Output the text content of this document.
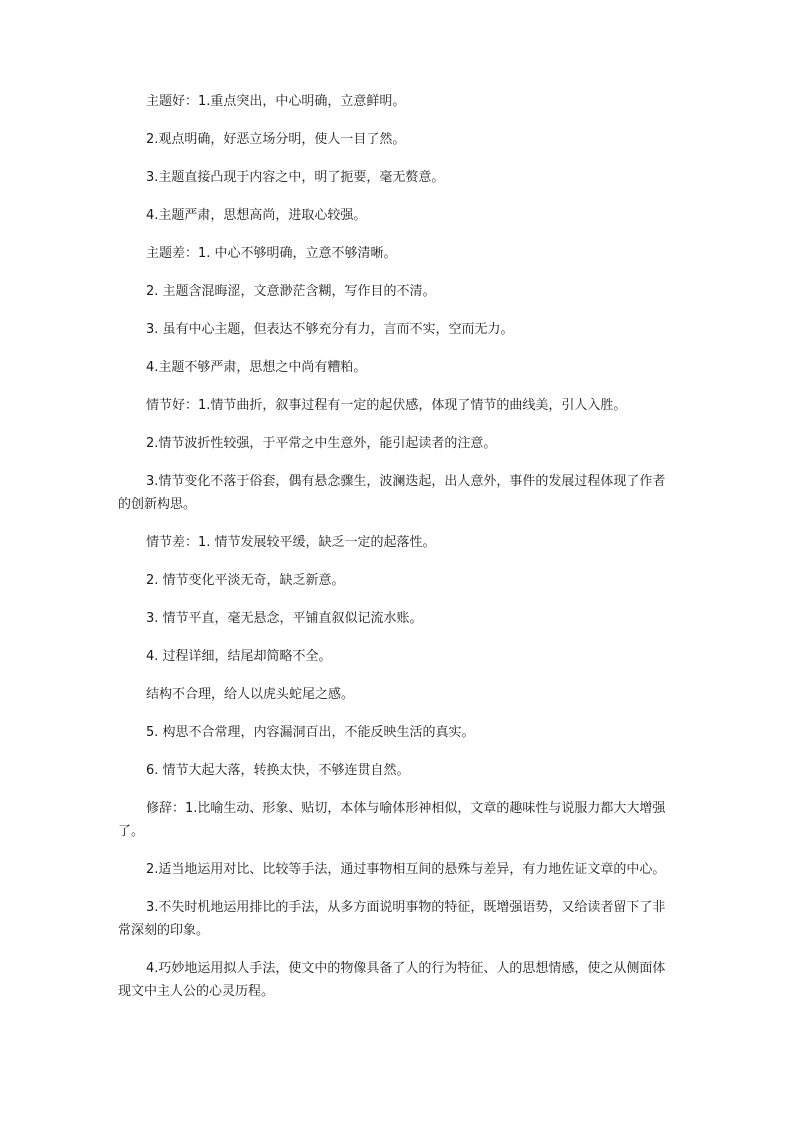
主题好：1.重点突出，中心明确，立意鲜明。

2.观点明确，好恶立场分明，使人一目了然。

3.主题直接凸现于内容之中，明了扼要，毫无赘意。

4.主题严肃，思想高尚，进取心较强。

主题差：1. 中心不够明确，立意不够清晰。

2. 主题含混晦涩，文意渺茫含糊，写作目的不清。

3. 虽有中心主题，但表达不够充分有力，言而不实，空而无力。

4.主题不够严肃，思想之中尚有糟粕。

情节好：1.情节曲折，叙事过程有一定的起伏感，体现了情节的曲线美，引人入胜。

2.情节波折性较强，于平常之中生意外，能引起读者的注意。

3.情节变化不落于俗套，偶有悬念骤生，波澜迭起，出人意外，事件的发展过程体现了作者的创新构思。

情节差：1. 情节发展较平缓，缺乏一定的起落性。

2. 情节变化平淡无奇，缺乏新意。

3. 情节平直，毫无悬念，平铺直叙似记流水账。

4. 过程详细，结尾却简略不全。

结构不合理，给人以虎头蛇尾之感。

5. 构思不合常理，内容漏洞百出，不能反映生活的真实。

6. 情节大起大落，转换太快，不够连贯自然。

修辞：1.比喻生动、形象、贴切，本体与喻体形神相似，文章的趣味性与说服力都大大增强了。

2.适当地运用对比、比较等手法，通过事物相互间的悬殊与差异，有力地佐证文章的中心。

3.不失时机地运用排比的手法，从多方面说明事物的特征，既增强语势，又给读者留下了非常深刻的印象。

4.巧妙地运用拟人手法，使文中的物像具备了人的行为特征、人的思想情感，使之从侧面体现文中主人公的心灵历程。
